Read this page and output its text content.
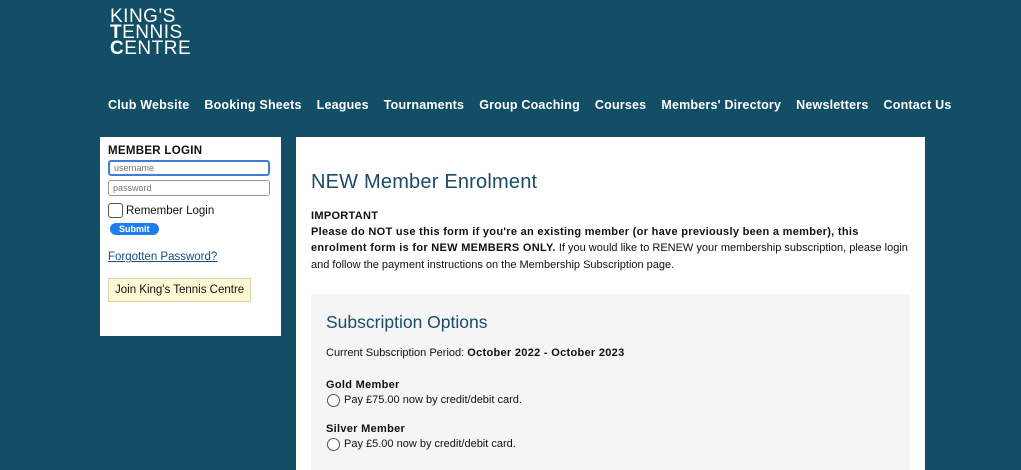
KING'S
TENNIS
CENTRE
Club Website Booking Sheets Leagues Tournaments Group Coaching Courses Members' Directory Newsletters Contact Us
MEMBER LOGIN
username
Remember Login
Submit
Forgotten Password?
Join King's Tennis Centre
NEW Member Enrolment
IMPORTANT
Please do NOT use this form if you're an existing member (or have previously been a member), this enrolment form is for NEW MEMBERS ONLY. If you would like to RENEW your membership subscription, please login and follow the payment instructions on the Membership Subscription page.
Subscription Options
Current Subscription Period: October 2022 - October 2023
Gold Member
Pay £75.00 now by credit/debit card.
Silver Member
Pay £5.00 now by credit/debit card.
